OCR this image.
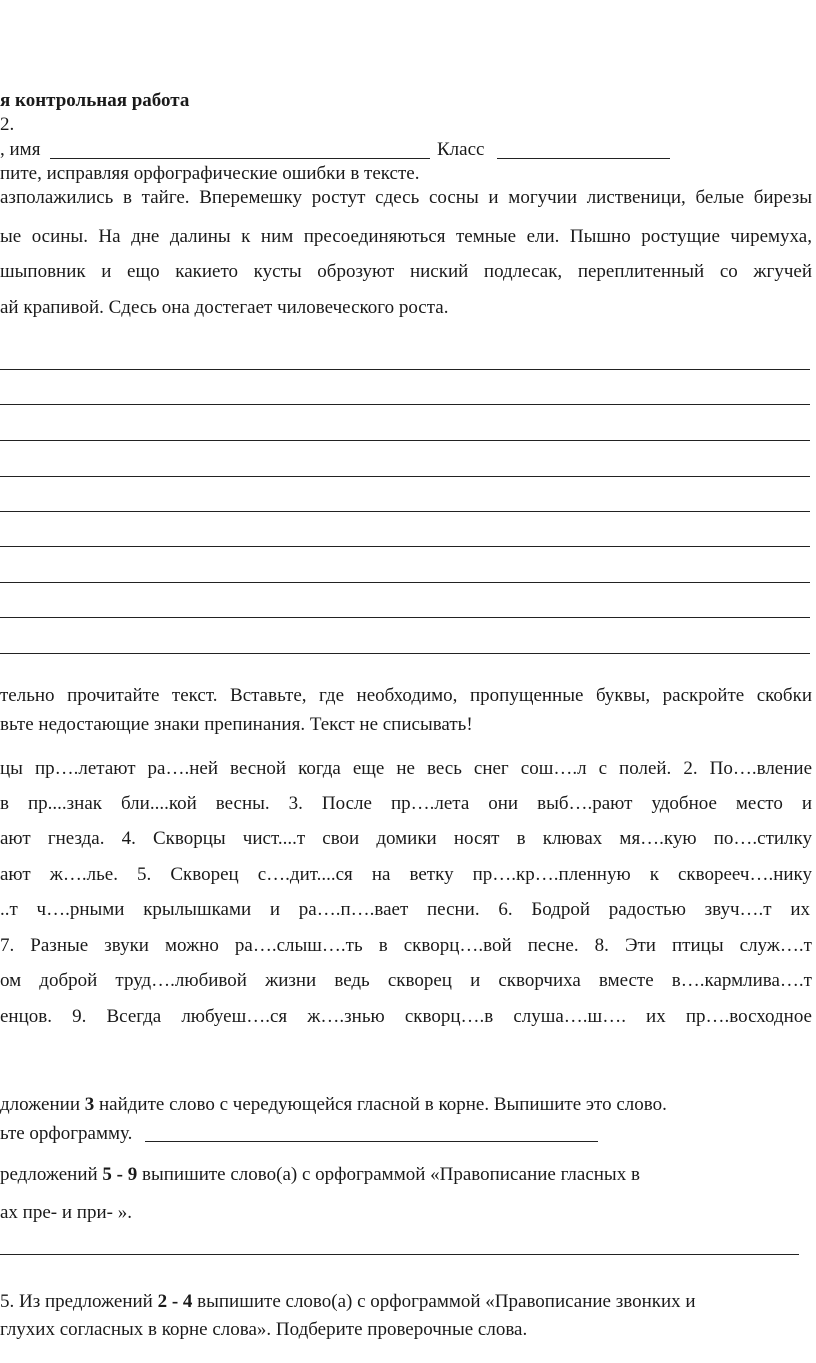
я контрольная работа
2.
, имя	Класс
пите, исправляя орфографические ошибки в тексте.
азполажились в тайге. Вперемешку ростут сдесь сосны и могучии лиственици, белые бирезы
ые осины. На дне далины к ним пресоединяються темные ели. Пышно ростущие чиремуха,
шыповник и ещо какието кусты оброзуют ниский подлесак, переплитенный со жгучей
ай крапивой. Сдесь она достегает чиловеческого роста.
тельно прочитайте текст. Вставьте, где необходимо, пропущенные буквы, раскройте скобки
вьте недостающие знаки препинания. Текст не списывать!
цы пр….летают ра….ней весной когда еще не весь снег сош….л с полей. 2. По….вление
в пр....знак бли....кой весны. 3. После пр….лета они выб….рают удобное место и
ают гнезда. 4. Скворцы чист....т свои домики носят в клювах мя….кую по….стилку
ают ж….лье. 5. Скворец с….дит....ся на ветку пр….кр….пленную к скворееч….нику
..т ч….рными крылышками и ра….п….вает песни. 6. Бодрой радостью звуч….т их
7. Разные звуки можно ра….слыш….ть в скворц….вой песне. 8. Эти птицы служ….т
ом доброй труд….любивой жизни ведь скворец и скворчиха вместе в….кармлива….т
енцов. 9. Всегда любуеш….ся ж….знью скворц….в слуша….ш…. их пр….восходное
дложении 3 найдите слово с чередующейся гласной в корне. Выпишите это слово.
ьте орфограмму.
редложений 5 - 9 выпишите слово(а) с орфограммой «Правописание гласных в
ах пре- и при- ».
5. Из предложений 2 - 4 выпишите слово(а) с орфограммой «Правописание звонких и
глухих согласных в корне слова». Подберите проверочные слова.
